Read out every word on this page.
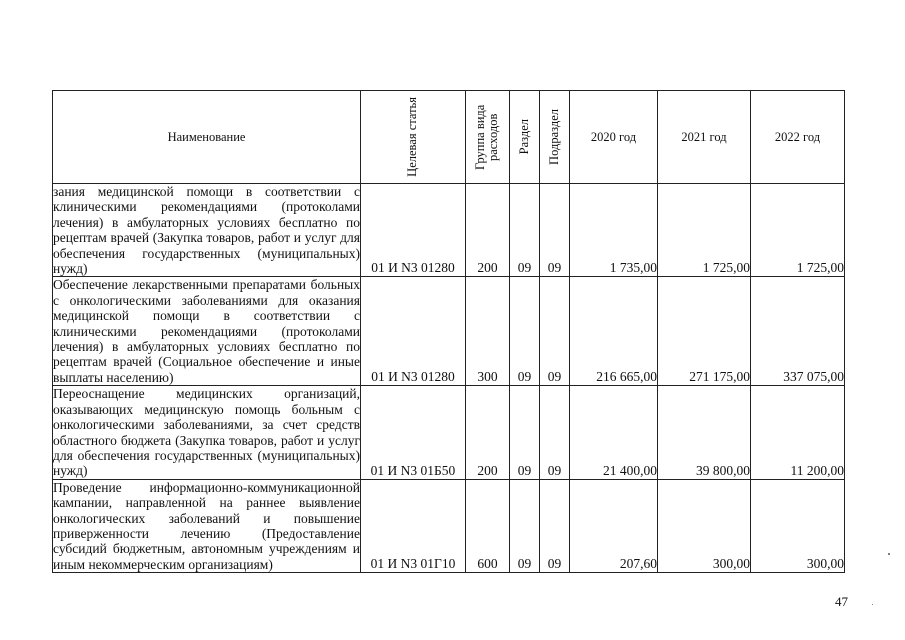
Наименование	Целевая статья	Группа вида расходов	Раздел	Подраздел	2020 год	2021 год	2022 год
зания медицинской помощи в соответствии с клиническими рекомендациями (протоколами лечения) в амбулаторных условиях бесплатно по рецептам врачей (Закупка товаров, работ и услуг для обеспечения государственных (муниципальных) нужд)	01 И N3 01280	200	09	09	1 735,00	1 725,00	1 725,00
Обеспечение лекарственными препаратами больных с онкологическими заболеваниями для оказания медицинской помощи в соответствии с клиническими рекомендациями (протоколами лечения) в амбулаторных условиях бесплатно по рецептам врачей (Социальное обеспечение и иные выплаты населению)	01 И N3 01280	300	09	09	216 665,00	271 175,00	337 075,00
Переоснащение медицинских организаций, оказывающих медицинскую помощь больным с онкологическими заболеваниями, за счет средств областного бюджета (Закупка товаров, работ и услуг для обеспечения государственных (муниципальных) нужд)	01 И N3 01Б50	200	09	09	21 400,00	39 800,00	11 200,00
Проведение информационно-коммуникационной кампании, направленной на раннее выявление онкологических заболеваний и повышение приверженности лечению (Предоставление субсидий бюджетным, автономным учреждениям и иным некоммерческим организациям)	01 И N3 01Г10	600	09	09	207,60	300,00	300,00
47
